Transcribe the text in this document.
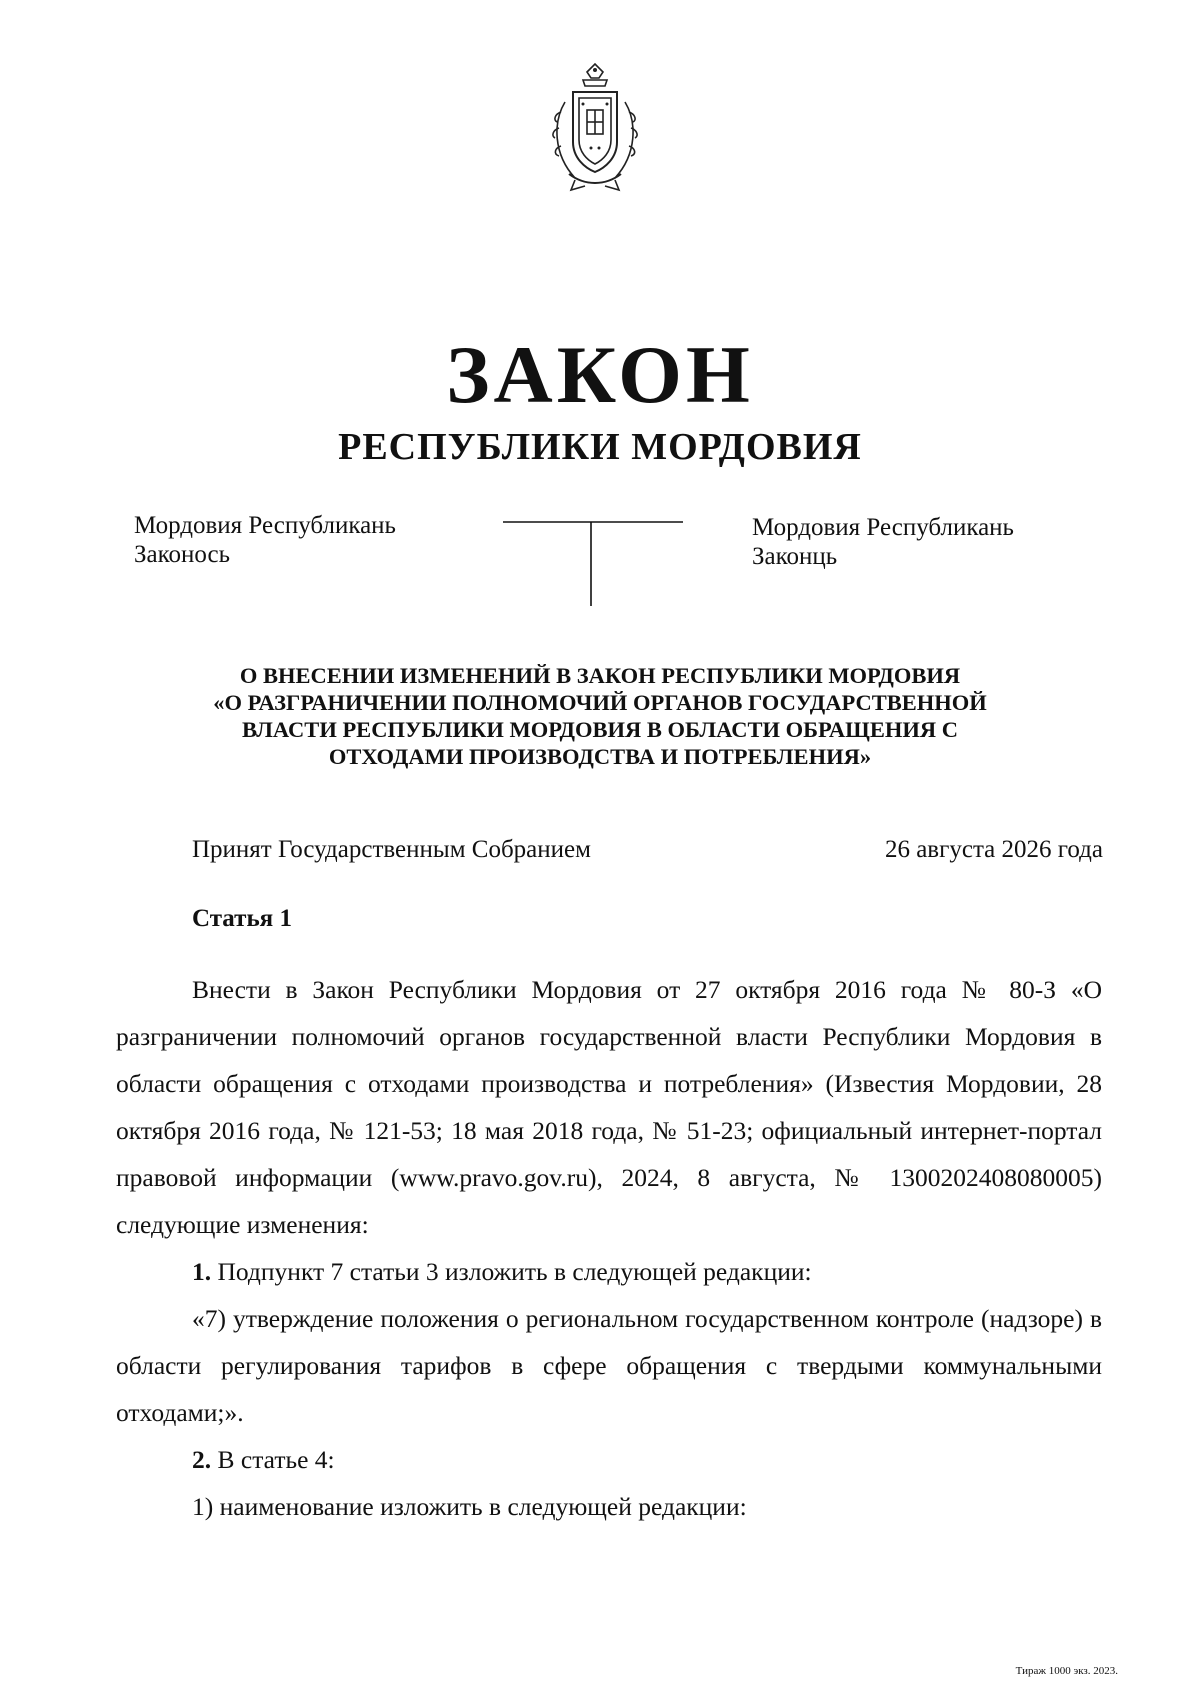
ЗАКОН
РЕСПУБЛИКИ МОРДОВИЯ
Мордовия Республикань
Законось
Мордовия Республикань
Законць
О ВНЕСЕНИИ ИЗМЕНЕНИЙ В ЗАКОН РЕСПУБЛИКИ МОРДОВИЯ
«О РАЗГРАНИЧЕНИИ ПОЛНОМОЧИЙ ОРГАНОВ ГОСУДАРСТВЕННОЙ
ВЛАСТИ РЕСПУБЛИКИ МОРДОВИЯ В ОБЛАСТИ ОБРАЩЕНИЯ С
ОТХОДАМИ ПРОИЗВОДСТВА И ПОТРЕБЛЕНИЯ»
Принят Государственным Собранием	26 августа 2026 года
Статья 1

Внести в Закон Республики Мордовия от 27 октября 2016 года № 80-З «О разграничении полномочий органов государственной власти Республики Мордовия в области обращения с отходами производства и потребления» (Известия Мордовии, 28 октября 2016 года, № 121-53; 18 мая 2018 года, № 51-23; официальный интернет-портал правовой информации (www.pravo.gov.ru), 2024, 8 августа, № 1300202408080005) следующие изменения:

1. Подпункт 7 статьи 3 изложить в следующей редакции:

«7) утверждение положения о региональном государственном контроле (надзоре) в области регулирования тарифов в сфере обращения с твердыми коммунальными отходами;».

2. В статье 4:

1) наименование изложить в следующей редакции:

Тираж 1000 экз. 2023.
